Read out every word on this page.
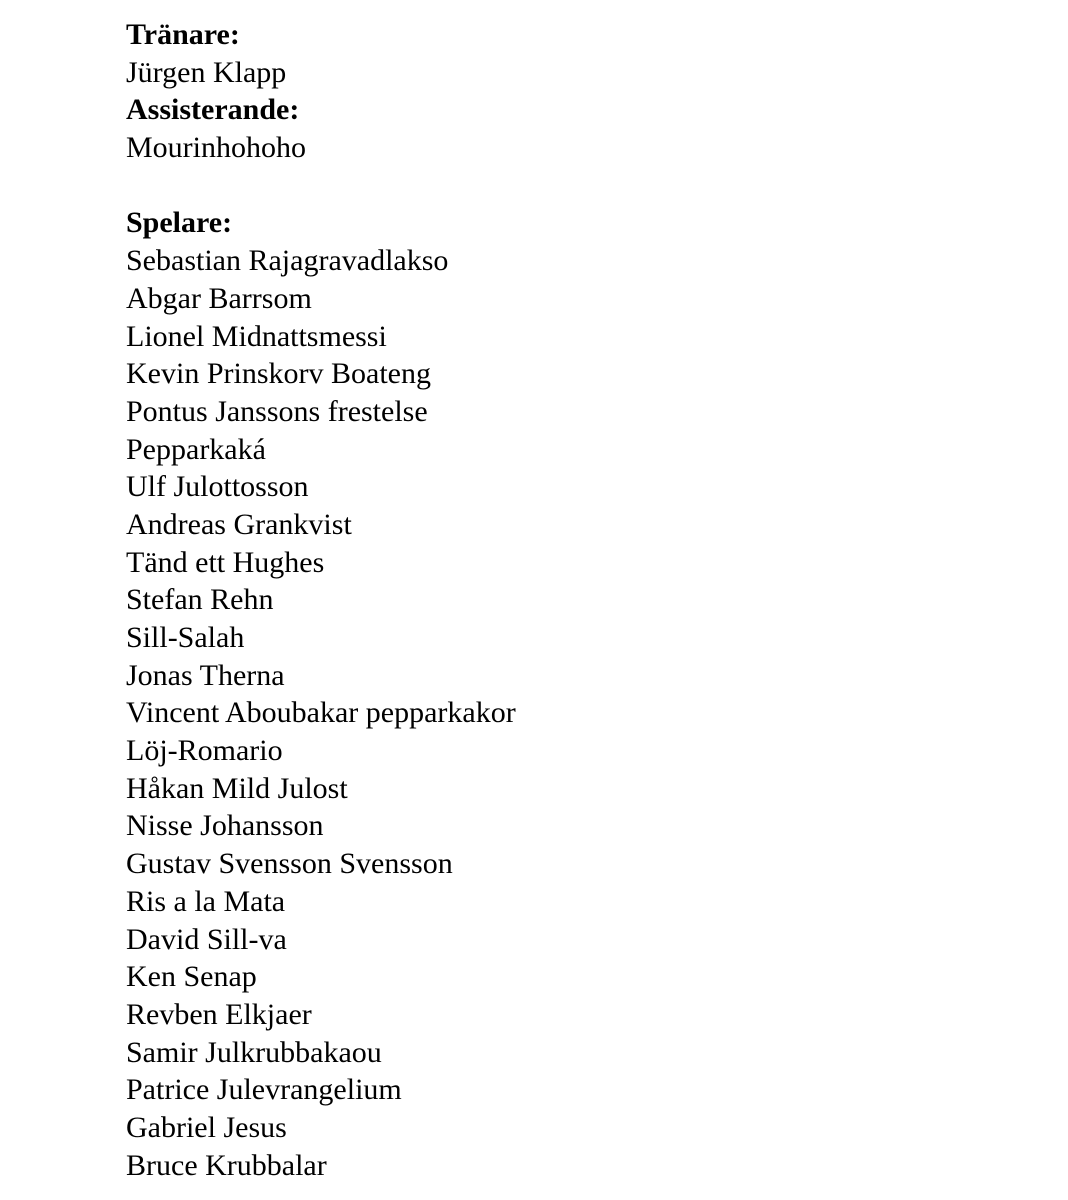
Tränare:
Jürgen Klapp
Assisterande:
Mourinhohoho
Spelare:
Sebastian Rajagravadlakso
Abgar Barrsom
Lionel Midnattsmessi
Kevin Prinskorv Boateng
Pontus Janssons frestelse
Pepparkaká
Ulf Julottosson
Andreas Grankvist
Tänd ett Hughes
Stefan Rehn
Sill-Salah
Jonas Therna
Vincent Aboubakar pepparkakor
Löj-Romario
Håkan Mild Julost
Nisse Johansson
Gustav Svensson Svensson
Ris a la Mata
David Sill-va
Ken Senap
Revben Elkjaer
Samir Julkrubbakaou
Patrice Julevrangelium
Gabriel Jesus
Bruce Krubbalar
